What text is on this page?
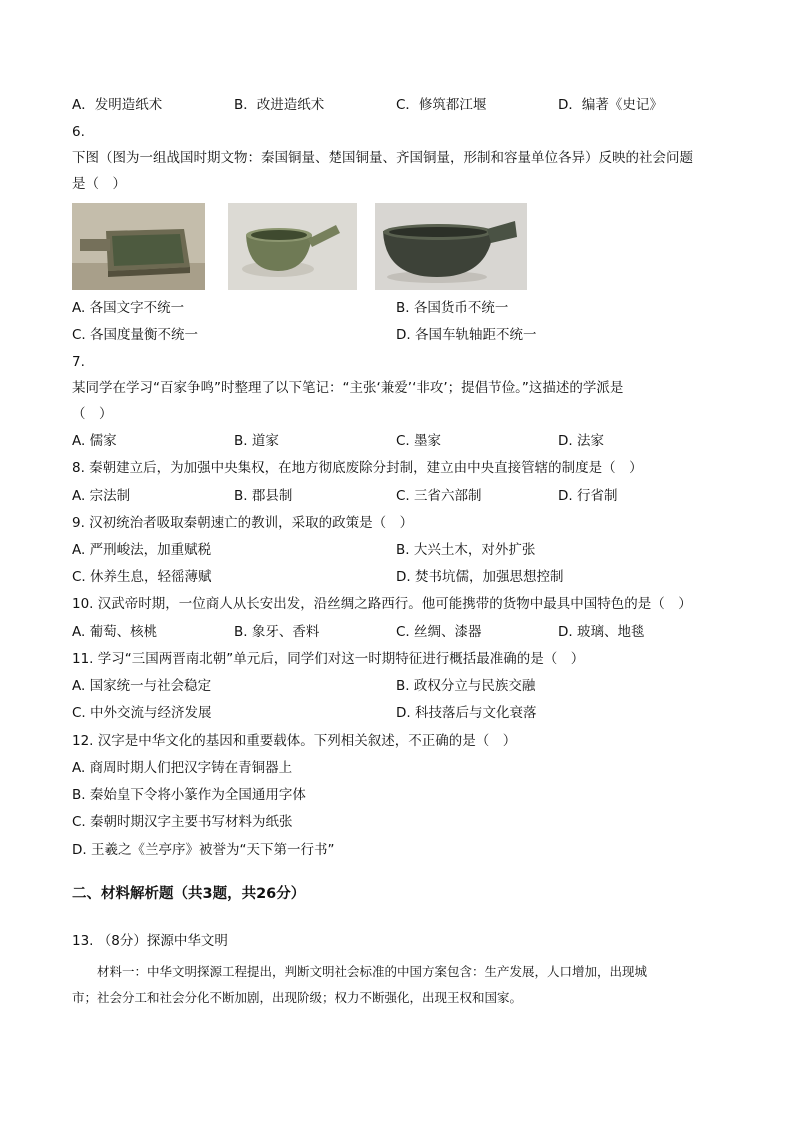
A．发明造纸术	B．改进造纸术	C．修筑都江堰	D．编著《史记》
6.
下图（图为一组战国时期文物：秦国铜量、楚国铜量、齐国铜量，形制和容量单位各异）反映的社会问题
是（　）
A. 各国文字不统一	B. 各国货币不统一
C. 各国度量衡不统一	D. 各国车轨轴距不统一
7.
某同学在学习“百家争鸣”时整理了以下笔记：“主张‘兼爱’‘非攻’；提倡节俭。”这描述的学派是
（　）
A. 儒家	B. 道家	C. 墨家	D. 法家
8. 秦朝建立后，为加强中央集权，在地方彻底废除分封制，建立由中央直接管辖的制度是（　）
A. 宗法制	B. 郡县制	C. 三省六部制	D. 行省制
9. 汉初统治者吸取秦朝速亡的教训，采取的政策是（　）
A. 严刑峻法，加重赋税	B. 大兴土木，对外扩张
C. 休养生息，轻徭薄赋	D. 焚书坑儒，加强思想控制
10. 汉武帝时期，一位商人从长安出发，沿丝绸之路西行。他可能携带的货物中最具中国特色的是（　）
A. 葡萄、核桃	B. 象牙、香料	C. 丝绸、漆器	D. 玻璃、地毯
11. 学习“三国两晋南北朝”单元后，同学们对这一时期特征进行概括最准确的是（　）
A. 国家统一与社会稳定	B. 政权分立与民族交融
C. 中外交流与经济发展	D. 科技落后与文化衰落
12. 汉字是中华文化的基因和重要载体。下列相关叙述，不正确的是（　）
A. 商周时期人们把汉字铸在青铜器上
B. 秦始皇下令将小篆作为全国通用字体
C. 秦朝时期汉字主要书写材料为纸张
D. 王羲之《兰亭序》被誉为“天下第一行书”
二、材料解析题（共3题，共26分）
13. （8分）探源中华文明
　　材料一：中华文明探源工程提出，判断文明社会标准的中国方案包含：生产发展，人口增加，出现城
市；社会分工和社会分化不断加剧，出现阶级；权力不断强化，出现王权和国家。
